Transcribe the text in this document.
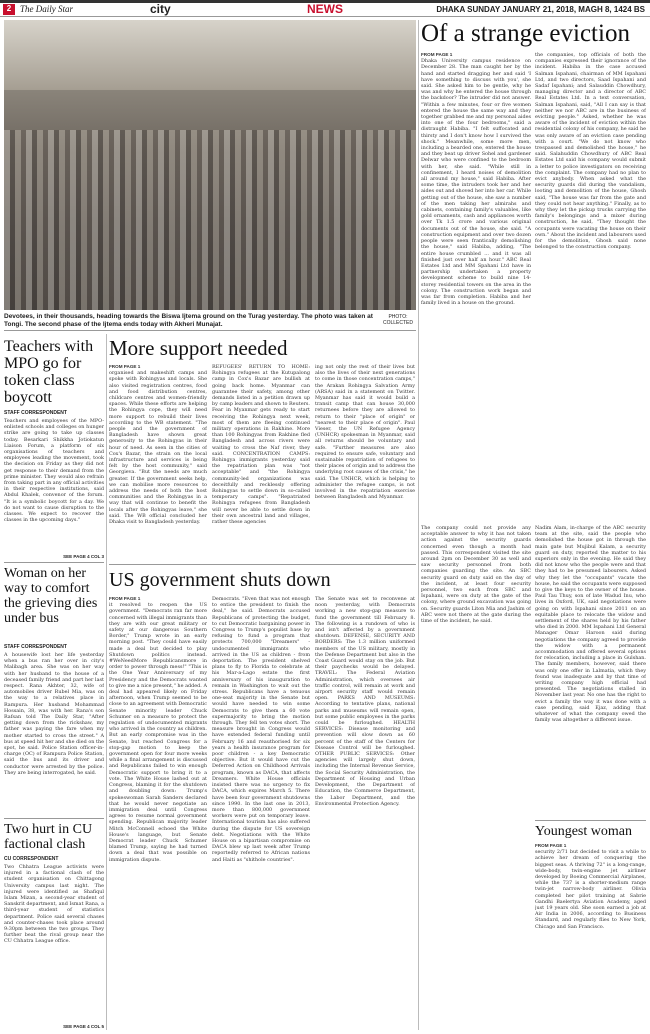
2 The Daily Star	city	NEWS	DHAKA SUNDAY JANUARY 21, 2018, MAGH 8, 1424 BS
Devotees, in their thousands, heading towards the Biswa Ijtema ground on the Turag yesterday. The photo was taken at Tongi. The second phase of the Ijtema ends today with Akheri Munajat.
PHOTO: COLLECTED
Of a strange eviction
FROM PAGE 1
Dhaka University campus residence on December 28. The man caught her by the hand and started dragging her and said 'I have something to discuss with you', she said. She asked him to be gentle, why he was and why he entered the house through the backdoor? The intruder did not answer. "Within a few minutes, four or five women entered the house the same way and they together grabbed me and my personal aides into one of the four bedrooms," said a distraught Habiba. "I felt suffocated and thirsty and I don't know how I survived the shock." Meanwhile, some more men, including a bearded one, entered the house and they beat up driver Sohel and gardener Delwar who were confined to the bedroom with her, she said. "While still in confinement, I heard noises of demolition all around my house," said Habiba. After some time, the intruders took her and her aides out and shoved her into her car. While getting out of the house, she saw a number of the men taking her almirahs and cabinets, containing family's valuables, like gold ornaments, cash and appliances worth over Tk 1.5 crore and various original documents out of the house, she said. "A construction equipment and over two dozen people were seen frantically demolishing the house," said Habiba, adding, "The entire house crumbled ... and it was all finished just over half an hour." ABC Real Estates Ltd and MM Spahani Ltd have in partnership undertaken a property development scheme to build nine 14-storey residential towers on the area in the colony. The construction work began and was far from completion. Habiba and her family lived in a house on the ground.
the companies, top officials of both the companies expressed their ignorance of the incident. Habiba in the case accused Salman Ispahani, chairman of MM Ispahani Ltd, and two directors, Saad Ispahani and Sadaf Ispahani; and Salauddin Chowdhury, managing director and a director of ABC Real Estates Ltd. In a text conversation, Salman Ispahani, said, "All I can say is that neither we nor ABC are in the business of evicting people." Asked, whether he was aware of the incident of eviction within the residential colony of his company, he said he was only aware of an eviction case pending with a court. "We do not know who trespassed and demolished the house," he said. Salahuddin Chowdhury of ABC Real Estates Ltd said his company would submit a letter to police investigators on receiving the complaint. The company had no plan to evict anybody. When asked what the security guards did during the vandalism, looting and demolition of the house, Ghosh said, "The house was far from the gate and they could not hear anything." Finally, as to why they let the pickup trucks carrying the family's belongings and a mixer during construction, he said, "They thought the occupants were vacating the house on their own." About the incident and labourers used for the demolition, Ghosh said none belonged to the construction company.
The company could not provide any acceptable answer to why it has not taken action against the security guards concerned even though a month had passed. This correspondent visited the site around 2pm on December 30 as well and saw security personnel from both companies guarding the site. An SBC security guard on duty said on the day of the incident, at least four security personnel, two each from SBC and Ispahani, were on duty at the gate of the colony, where ground excavation was going on. Security guards Liton Mia and Jashim of ABC were not there at the gate during the time of the incident, he said.
Nadim Alam, in-charge of the ABC security team at the site, said the people who demolished the house got in through the main gate but Mujibul Kalam, a security guard on duty, reported the matter to his superiors only in the evening. He said they did not know who the people were and that they had to be presumed labourers. Asked why they let the "occupants" vacate the house, he said the occupants were supposed to give the keys to the owner of the house. Paul Tau Thuy, son of late Wadud Inu, who lives in Oxford, UK, said negotiations were going on with Ispahani since 2011 on an equitable place to relocate the widow and settlement of the shares held by his father who died in 2000. MM Ispahani Ltd General Manager Omar Haroon said during negotiations the company agreed to provide the widow with a permanent accommodation and offered several options for relocation, including a place in Gulshan. The family members, however, said there was only one offer in Lalmatia, which they found was inadequate and by that time of writing company high official had presented. The negotiations stalled in November last year. No one has the right to evict a family the way it was done with a case pending, said Ejaz, adding that whatever of what the company owed the family was altogether a different issue.
Teachers with MPO go for token class boycott
STAFF CORRESPONDENT
Teachers and employees of the MPO-enlisted schools and colleges on hunger strike are going to take up classes today. Besarkari Shikkha Jotiokatun Liaison Forum, a platform of six organisations of teachers and employees leading the movement, took the decision on Friday as they did not get response to their demand from the prime minister. They would also refrain from taking part in any official activities in their respective institutions, said Abdul Khalek, convenor of the forum. "It is a symbolic boycott for a day. We do not want to cause disruption to the classes. We expect to recover the classes in the upcoming days."
SEE PAGE 4 COL 3
Woman on her way to comfort the grieving dies under bus
STAFF CORRESPONDENT
A housewife lost her life yesterday when a bus ran her over in city's Malibagh area. She was on her way with her husband to the house of a deceased family friend and part her last respect. Rana Akhter, 32, wife of automobiles driver Rubel Mia, was on the way to a relatives place in Rampura. Her husband Mohammad Hossain, 38, was with her. Rana's son Rafsan told The Daily Star, "After getting down from the rickshaw, my father was paying the fare when my mother started to cross the street." A bus at speed hit her and she died on the spot, he said. Police Station officer-in-charge (OC) of Rampura Police Station, said the bus and its driver and conductor were arrested by the police. They are being interrogated, he said.
Two hurt in CU factional clash
CU CORRESPONDENT
Two Chhatra League activists were injured in a factional clash of the student organisation on Chittagong University campus last night. The injured were identified as Shafiqul Islam Mizan, a second-year student of Sanskrit department, and Ismat Rana, a third-year student of statistics department. Police said several chases and counter-chases took place around 9:30pm between the two groups. They further beat the rival group near the CU Chhatra League office.
SEE PAGE 4 COL 5
More support needed
FROM PAGE 1
organised and makeshift camps and spoke with Rohingyas and locals. She also visited registration centres, food and food distribution centres, childcare centres and women-friendly spaces. While these efforts are helping the Rohingya cope, they will need more support to rebuild their lives according to the WB statement. "The people and the government of Bangladesh have shown great generosity to the Rohingyas in their hour of need. As seen in the cities of Cox's Bazar, the strain on the local infrastructure and services is being felt by the host community," said Georgieva. "But the needs are much greater. If the government seeks help, we can mobilise more resources to address the needs of both the host communities and the Rohingyas in a way that will continue to benefit the locals after the Rohingyas leave," she said. The WB official concluded her Dhaka visit to Bangladesh yesterday.
REFUGEES' RETURN TO HOME: Rohingya refugees at the Kutupalong camp in Cox's Bazar are bullish at going back home. Myanmar can guarantee their safety, among other demands listed in a petition drawn up by camp leaders and shown to Reuters. Fear in Myanmar gets ready to start receiving the Rohingya next week, most of them are fleeing continued military operations in Rakhine. More than 100 Rohingyas from Rakhine fled Bangladesh and across rivers were waiting to cross the Naf river, they said. CONCENTRATION CAMPS: Rohingya immigrants yesterday said the repatriation plan was "not acceptable" and "the Rohingya community-led organizations was deceitfully and recklessly offering Rohingyas to settle down in so-called temporary camps". "Repatriated Rohingya refugees from Bangladesh will never be able to settle down in their own ancestral land and villages, rather these agencies
ing not only the rest of their lives but also the lives of their next generations to come in those concentration camps," the Arakan Rohingya Salvation Army (ARSA) said in a statement on Twitter. Myanmar has said it would build a transit camp that can house 30,000 returnees before they are allowed to return to their "place of origin" or "nearest to their place of origin". Paul Vieser, the UN Refugee Agency (UNHCR) spokesman in Myanmar, said all returns should be voluntary and safe. "Further measures are also required to ensure safe, voluntary and sustainable repatriation of refugees to their places of origin and to address the underlying root causes of the crisis," he said. The UNHCR, which is helping to administer the refugee camps, is not involved in the repatriation exercise between Bangladesh and Myanmar.
US government shuts down
FROM PAGE 1
it resolved to reopen the US government. "Democrats ran far more concerned with illegal immigrants than they are with our great military or safety at our dangerous Southern Border," Trump wrote in an early morning post. "They could have easily made a deal but decided to play Shutdown politics instead. #WeNeedMore Republicansmore in order to power through mess!" "This is the One Year Anniversary of my Presidency and the Democrats wanted to give me a nice present," he added. A deal had appeared likely on Friday afternoon, when Trump seemed to be close to an agreement with Democratic Senate minority leader Chuck Schumer on a measure to protect the regulation of undocumented migrants who arrived in the country as children. But an early compromise was in the Senate, but reached Congress for a stop-gap motion to keep the government open for four more weeks while a final arrangement is discussed and Republicans failed to win enough Democratic support to bring it to a vote. The White House lashed out at Congress, blaming it for the shutdown and doubling down: Trump's spokeswoman Sarah Sanders declared that he would never negotiate an immigration deal until Congress agrees to resume normal government spending. Republican majority leader Mitch McConnell echoed the White House's language, but Senate Democrat leader Chuck Schumer blamed Trump, saying he had turned down a deal that was possible on immigration dispute.
Democrats. "Even that was not enough to entice the president to finish the deal," he said. Democrats accused Republicans of protecting the budget, to cut Democratic bargaining power in Congress to Trump's populist base by refusing to fund a program that protects 700,000 "Dreamers" - undocumented immigrants who arrived in the US as children - from deportation. The president shelved plans to fly to Florida to celebrate at his Mar-a-Lago estate the first anniversary of his inauguration to remain in Washington to wait out the stress. Republicans have a tenuous one-seat majority in the Senate but would have needed to win some Democrats to give them a 60 vote supermajority to bring the motion through. They fell ten votes short. The measure brought in Congress would have extended federal funding until February 16 and reauthorised for six years a health insurance program for poor children - a key Democratic objective. But it would have cut the Deferred Action on Childhood Arrivals program, known as DACA, that affects Dreamers. White House officials insisted there was no urgency to fix DACA, which expires March 5. There have been four government shutdowns since 1990. In the last one in 2013, more than 800,000 government workers were put on temporary leave. International tourism has also suffered during the dispute for US sovereign debt. Negotiations with the White House on a bipartisan compromise on DACA blew up last week after Trump reportedly referred to African nations and Haiti as "shithole countries".
The Senate was set to reconvene at noon yesterday, with Democrats working a new stop-gap measure to fund the government till February 8. The following is a rundown of who is and isn't affected by a government shutdown. DEFENSE, SECURITY AND BORDERS: The 1.3 million uniformed members of the US military, mostly in the Defense Department but also in the Coast Guard would stay on the job. But their paychecks would be delayed. TRAVEL: The Federal Aviation Administration, which oversees air traffic control, will remain at work and airport security staff would remain open. PARKS AND MUSEUMS: According to tentative plans, national parks and museums will remain open, but some public employees in the parks could be furloughed. HEALTH SERVICES: Disease monitoring and prevention will slow down as 60 percent of the staff of the Centers for Disease Control will be furloughed. OTHER PUBLIC SERVICES: Other agencies will largely shut down, including the Internal Revenue Service, the Social Security Administration, the Department of Housing and Urban Development, the Department of Education, the Commerce Department, the Labor Department, and the Environmental Protection Agency.
Youngest woman
FROM PAGE 1
security 2/71 but decided to visit a while to achieve her dream of conquering the biggest seas. A thriving 72" is a long-range, wide-body, twin-engine jet airliner developed by Boeing Commercial Airplanes, while the 737 is a shorter-medium range twin-jet narrow-body airliner. Olivia completed her pilot training at Sabrie Gandhi Baelertya Aviation Academy, aged just 19 years old. She soon earned a job at Air India in 2006, according to Business Standard, and regularly flies to New York, Chicago and San Francisco.
